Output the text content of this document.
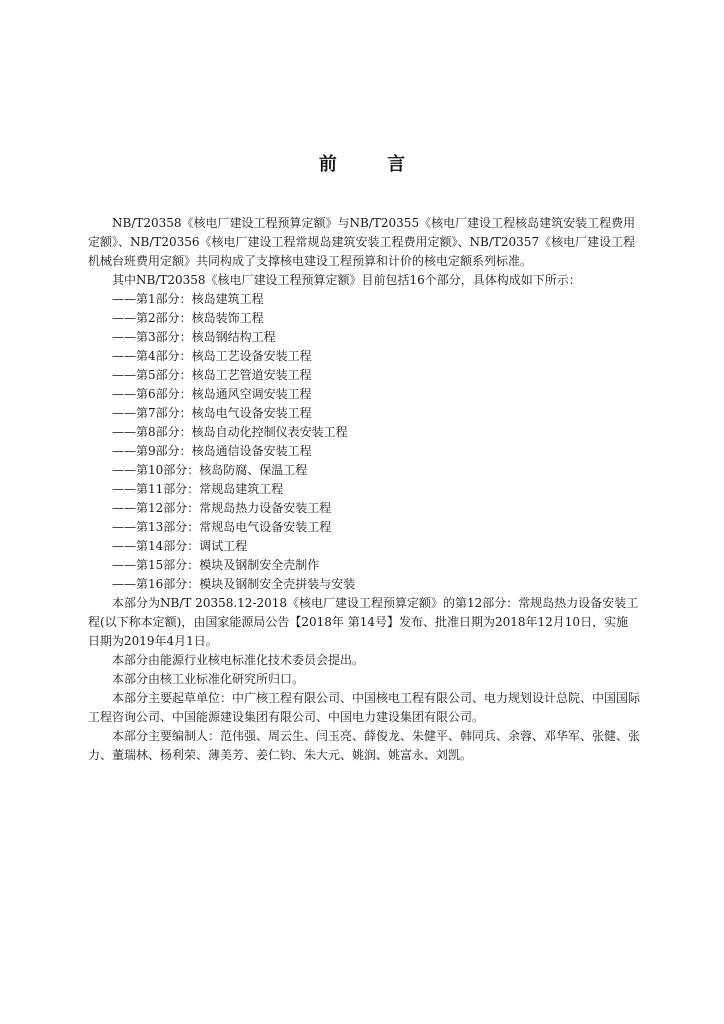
前 言

NB/T20358《核电厂建设工程预算定额》与NB/T20355《核电厂建设工程核岛建筑安装工程费用定额》、NB/T20356《核电厂建设工程常规岛建筑安装工程费用定额》、NB/T20357《核电厂建设工程机械台班费用定额》共同构成了支撑核电建设工程预算和计价的核电定额系列标准。

其中NB/T20358《核电厂建设工程预算定额》目前包括16个部分，具体构成如下所示：

——第1部分：核岛建筑工程
——第2部分：核岛装饰工程
——第3部分：核岛钢结构工程
——第4部分：核岛工艺设备安装工程
——第5部分：核岛工艺管道安装工程
——第6部分：核岛通风空调安装工程
——第7部分：核岛电气设备安装工程
——第8部分：核岛自动化控制仪表安装工程
——第9部分：核岛通信设备安装工程
——第10部分：核岛防腐、保温工程
——第11部分：常规岛建筑工程
——第12部分：常规岛热力设备安装工程
——第13部分：常规岛电气设备安装工程
——第14部分：调试工程
——第15部分：模块及钢制安全壳制作
——第16部分：模块及钢制安全壳拼装与安装

本部分为NB/T 20358.12-2018《核电厂建设工程预算定额》的第12部分：常规岛热力设备安装工程(以下称本定额)，由国家能源局公告【2018年 第14号】发布、批准日期为2018年12月10日，实施日期为2019年4月1日。

本部分由能源行业核电标准化技术委员会提出。

本部分由核工业标准化研究所归口。

本部分主要起草单位：中广核工程有限公司、中国核电工程有限公司、电力规划设计总院、中国国际工程咨询公司、中国能源建设集团有限公司、中国电力建设集团有限公司。

本部分主要编制人：范伟强、周云生、闫玉亮、薛俊龙、朱健平、韩同兵、余蓉、邓华军、张健、张力、董瑞林、杨利荣、薄美芳、姜仁钧、朱大元、姚润、姚富永、刘凯。
